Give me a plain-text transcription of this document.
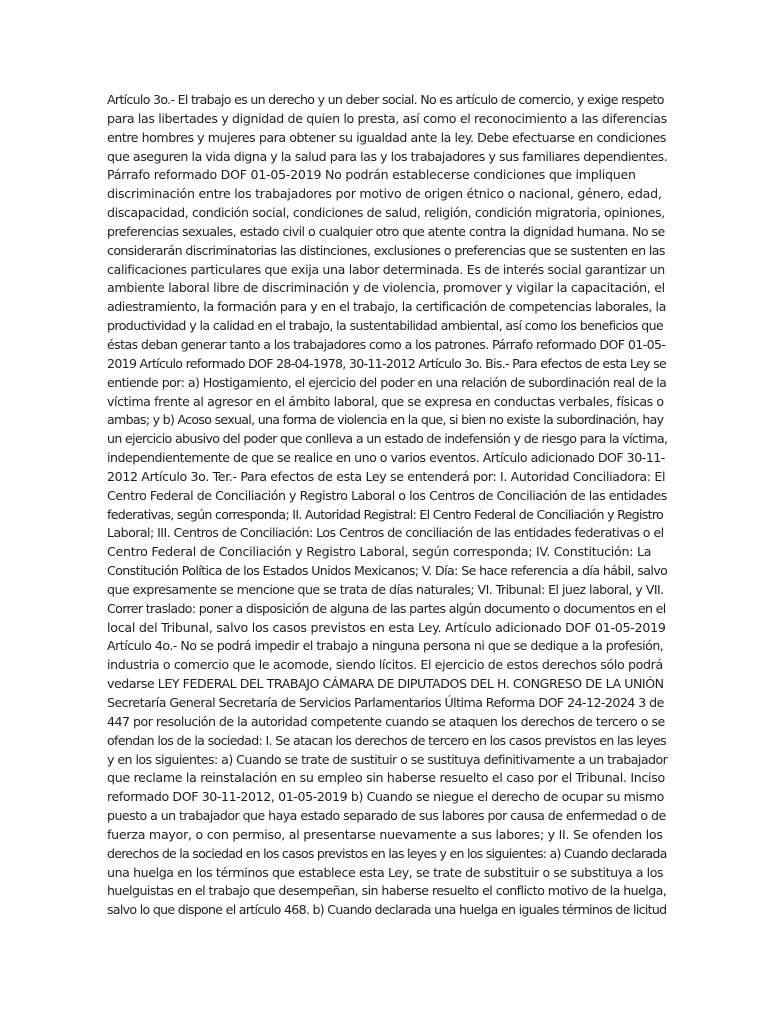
Artículo 3o.- El trabajo es un derecho y un deber social. No es artículo de comercio, y exige respeto
para las libertades y dignidad de quien lo presta, así como el reconocimiento a las diferencias
entre hombres y mujeres para obtener su igualdad ante la ley. Debe efectuarse en condiciones
que aseguren la vida digna y la salud para las y los trabajadores y sus familiares dependientes.
Párrafo reformado DOF 01-05-2019 No podrán establecerse condiciones que impliquen
discriminación entre los trabajadores por motivo de origen étnico o nacional, género, edad,
discapacidad, condición social, condiciones de salud, religión, condición migratoria, opiniones,
preferencias sexuales, estado civil o cualquier otro que atente contra la dignidad humana. No se
considerarán discriminatorias las distinciones, exclusiones o preferencias que se sustenten en las
calificaciones particulares que exija una labor determinada. Es de interés social garantizar un
ambiente laboral libre de discriminación y de violencia, promover y vigilar la capacitación, el
adiestramiento, la formación para y en el trabajo, la certificación de competencias laborales, la
productividad y la calidad en el trabajo, la sustentabilidad ambiental, así como los beneficios que
éstas deban generar tanto a los trabajadores como a los patrones. Párrafo reformado DOF 01-05-
2019 Artículo reformado DOF 28-04-1978, 30-11-2012 Artículo 3o. Bis.- Para efectos de esta Ley se
entiende por: a) Hostigamiento, el ejercicio del poder en una relación de subordinación real de la
víctima frente al agresor en el ámbito laboral, que se expresa en conductas verbales, físicas o
ambas; y b) Acoso sexual, una forma de violencia en la que, si bien no existe la subordinación, hay
un ejercicio abusivo del poder que conlleva a un estado de indefensión y de riesgo para la víctima,
independientemente de que se realice en uno o varios eventos. Artículo adicionado DOF 30-11-
2012 Artículo 3o. Ter.- Para efectos de esta Ley se entenderá por: I. Autoridad Conciliadora: El
Centro Federal de Conciliación y Registro Laboral o los Centros de Conciliación de las entidades
federativas, según corresponda; II. Autoridad Registral: El Centro Federal de Conciliación y Registro
Laboral; III. Centros de Conciliación: Los Centros de conciliación de las entidades federativas o el
Centro Federal de Conciliación y Registro Laboral, según corresponda; IV. Constitución: La
Constitución Política de los Estados Unidos Mexicanos; V. Día: Se hace referencia a día hábil, salvo
que expresamente se mencione que se trata de días naturales; VI. Tribunal: El juez laboral, y VII.
Correr traslado: poner a disposición de alguna de las partes algún documento o documentos en el
local del Tribunal, salvo los casos previstos en esta Ley. Artículo adicionado DOF 01-05-2019
Artículo 4o.- No se podrá impedir el trabajo a ninguna persona ni que se dedique a la profesión,
industria o comercio que le acomode, siendo lícitos. El ejercicio de estos derechos sólo podrá
vedarse LEY FEDERAL DEL TRABAJO CÁMARA DE DIPUTADOS DEL H. CONGRESO DE LA UNIÓN
Secretaría General Secretaría de Servicios Parlamentarios Última Reforma DOF 24-12-2024 3 de
447 por resolución de la autoridad competente cuando se ataquen los derechos de tercero o se
ofendan los de la sociedad: I. Se atacan los derechos de tercero en los casos previstos en las leyes
y en los siguientes: a) Cuando se trate de sustituir o se sustituya definitivamente a un trabajador
que reclame la reinstalación en su empleo sin haberse resuelto el caso por el Tribunal. Inciso
reformado DOF 30-11-2012, 01-05-2019 b) Cuando se niegue el derecho de ocupar su mismo
puesto a un trabajador que haya estado separado de sus labores por causa de enfermedad o de
fuerza mayor, o con permiso, al presentarse nuevamente a sus labores; y II. Se ofenden los
derechos de la sociedad en los casos previstos en las leyes y en los siguientes: a) Cuando declarada
una huelga en los términos que establece esta Ley, se trate de substituir o se substituya a los
huelguistas en el trabajo que desempeñan, sin haberse resuelto el conflicto motivo de la huelga,
salvo lo que dispone el artículo 468. b) Cuando declarada una huelga en iguales términos de licitud
